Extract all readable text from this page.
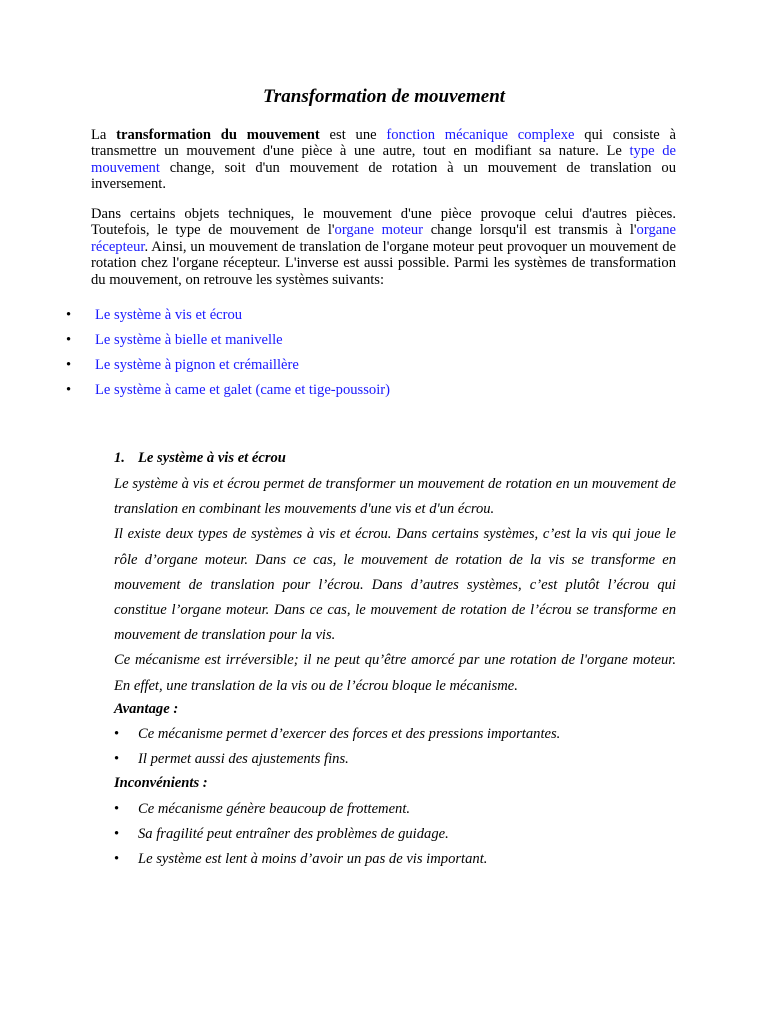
Transformation de mouvement

La transformation du mouvement est une fonction mécanique complexe qui consiste à transmettre un mouvement d'une pièce à une autre, tout en modifiant sa nature. Le type de mouvement change, soit d'un mouvement de rotation à un mouvement de translation ou inversement.

Dans certains objets techniques, le mouvement d'une pièce provoque celui d'autres pièces. Toutefois, le type de mouvement de l'organe moteur change lorsqu'il est transmis à l'organe récepteur. Ainsi, un mouvement de translation de l'organe moteur peut provoquer un mouvement de rotation chez l'organe récepteur. L'inverse est aussi possible. Parmi les systèmes de transformation du mouvement, on retrouve les systèmes suivants:

•	Le système à vis et écrou
•	Le système à bielle et manivelle
•	Le système à pignon et crémaillère
•	Le système à came et galet (came et tige-poussoir)
1. Le système à vis et écrou
Le système à vis et écrou permet de transformer un mouvement de rotation en un mouvement de translation en combinant les mouvements d'une vis et d'un écrou.
Il existe deux types de systèmes à vis et écrou. Dans certains systèmes, c’est la vis qui joue le rôle d’organe moteur. Dans ce cas, le mouvement de rotation de la vis se transforme en mouvement de translation pour l’écrou. Dans d’autres systèmes, c’est plutôt l’écrou qui constitue l’organe moteur. Dans ce cas, le mouvement de rotation de l’écrou se transforme en mouvement de translation pour la vis.
Ce mécanisme est irréversible; il ne peut qu’être amorcé par une rotation de l'organe moteur. En effet, une translation de la vis ou de l’écrou bloque le mécanisme.
Avantage :
• Ce mécanisme permet d’exercer des forces et des pressions importantes.
• Il permet aussi des ajustements fins.
Inconvénients :
• Ce mécanisme génère beaucoup de frottement.
• Sa fragilité peut entraîner des problèmes de guidage.
• Le système est lent à moins d’avoir un pas de vis important.
